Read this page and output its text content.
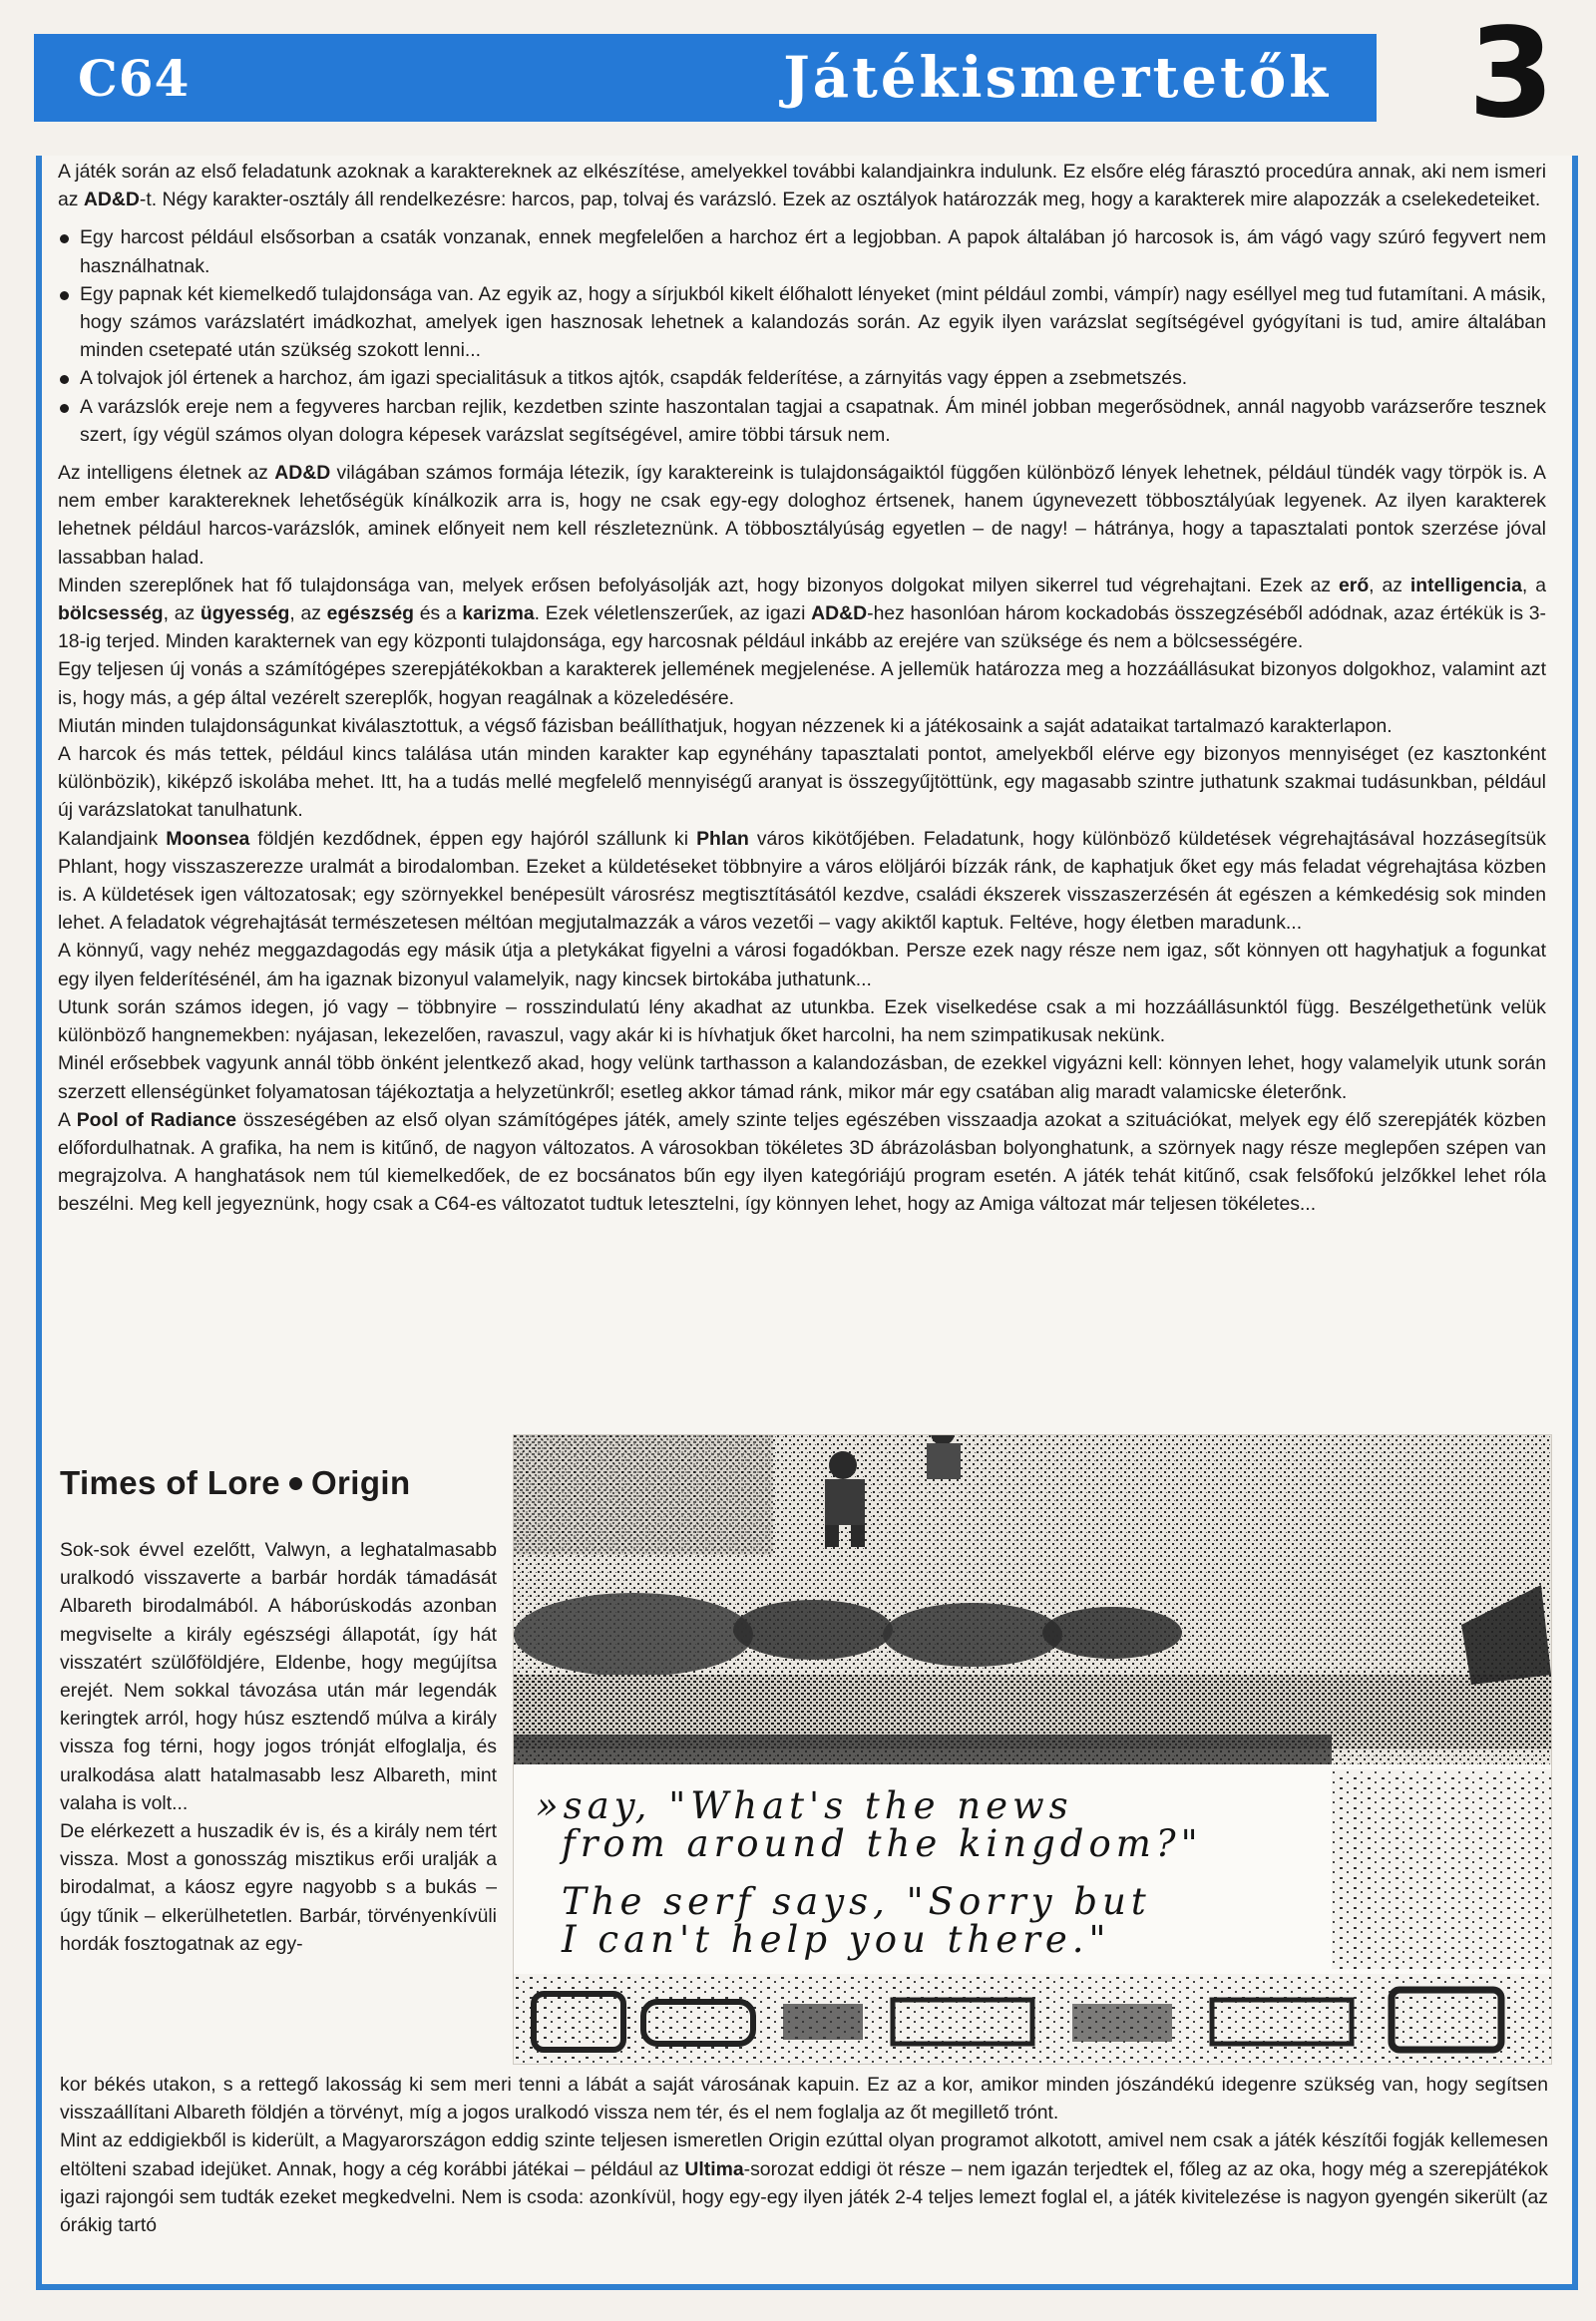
C64	Játékismertetők 3

A játék során az első feladatunk azoknak a karaktereknek az elkészítése, amelyekkel további kalandjainkra indulunk. Ez elsőre elég fárasztó procedúra annak, aki nem ismeri az AD&D-t. Négy karakter-osztály áll rendelkezésre: harcos, pap, tolvaj és varázsló. Ezek az osztályok határozzák meg, hogy a karakterek mire alapozzák a cselekedeteiket.

Egy harcost például elsősorban a csaták vonzanak, ennek megfelelően a harchoz ért a legjobban. A papok általában jó harcosok is, ám vágó vagy szúró fegyvert nem használhatnak.
Egy papnak két kiemelkedő tulajdonsága van. Az egyik az, hogy a sírjukból kikelt élőhalott lényeket (mint például zombi, vámpír) nagy eséllyel meg tud futamítani. A másik, hogy számos varázslatért imádkozhat, amelyek igen hasznosak lehetnek a kalandozás során. Az egyik ilyen varázslat segítségével gyógyítani is tud, amire általában minden csetepaté után szükség szokott lenni...
A tolvajok jól értenek a harchoz, ám igazi specialitásuk a titkos ajtók, csapdák felderítése, a zárnyitás vagy éppen a zsebmetszés.
A varázslók ereje nem a fegyveres harcban rejlik, kezdetben szinte haszontalan tagjai a csapatnak. Ám minél jobban megerősödnek, annál nagyobb varázserőre tesznek szert, így végül számos olyan dologra képesek varázslat segítségével, amire többi társuk nem.

Az intelligens életnek az AD&D világában számos formája létezik, így karaktereink is tulajdonságaiktól függően különböző lények lehetnek, például tündék vagy törpök is. A nem ember karaktereknek lehetőségük kínálkozik arra is, hogy ne csak egy-egy dologhoz értsenek, hanem úgynevezett többosztályúak legyenek. Az ilyen karakterek lehetnek például harcos-varázslók, aminek előnyeit nem kell részleteznünk. A többosztályúság egyetlen – de nagy! – hátránya, hogy a tapasztalati pontok szerzése jóval lassabban halad.

Minden szereplőnek hat fő tulajdonsága van, melyek erősen befolyásolják azt, hogy bizonyos dolgokat milyen sikerrel tud végrehajtani. Ezek az erő, az intelligencia, a bölcsesség, az ügyesség, az egészség és a karizma. Ezek véletlenszerűek, az igazi AD&D-hez hasonlóan három kockadobás összegzéséből adódnak, azaz értékük is 3-18-ig terjed. Minden karakternek van egy központi tulajdonsága, egy harcosnak például inkább az erejére van szüksége és nem a bölcsességére.

Egy teljesen új vonás a számítógépes szerepjátékokban a karakterek jellemének megjelenése. A jellemük határozza meg a hozzáállásukat bizonyos dolgokhoz, valamint azt is, hogy más, a gép által vezérelt szereplők, hogyan reagálnak a közeledésére.

Miután minden tulajdonságunkat kiválasztottuk, a végső fázisban beállíthatjuk, hogyan nézzenek ki a játékosaink a saját adataikat tartalmazó karakterlapon.

A harcok és más tettek, például kincs találása után minden karakter kap egynéhány tapasztalati pontot, amelyekből elérve egy bizonyos mennyiséget (ez kasztonként különbözik), kiképző iskolába mehet. Itt, ha a tudás mellé megfelelő mennyiségű aranyat is összegyűjtöttünk, egy magasabb szintre juthatunk szakmai tudásunkban, például új varázslatokat tanulhatunk.

Kalandjaink Moonsea földjén kezdődnek, éppen egy hajóról szállunk ki Phlan város kikötőjében. Feladatunk, hogy különböző küldetések végrehajtásával hozzásegítsük Phlant, hogy visszaszerezze uralmát a birodalomban. Ezeket a küldetéseket többnyire a város elöljárói bízzák ránk, de kaphatjuk őket egy más feladat végrehajtása közben is. A küldetések igen változatosak; egy szörnyekkel benépesült városrész megtisztításától kezdve, családi ékszerek visszaszerzésén át egészen a kémkedésig sok minden lehet. A feladatok végrehajtását természetesen méltóan megjutalmazzák a város vezetői – vagy akiktől kaptuk. Feltéve, hogy életben maradunk...

A könnyű, vagy nehéz meggazdagodás egy másik útja a pletykákat figyelni a városi fogadókban. Persze ezek nagy része nem igaz, sőt könnyen ott hagyhatjuk a fogunkat egy ilyen felderítésénél, ám ha igaznak bizonyul valamelyik, nagy kincsek birtokába juthatunk...

Utunk során számos idegen, jó vagy – többnyire – rosszindulatú lény akadhat az utunkba. Ezek viselkedése csak a mi hozzáállásunktól függ. Beszélgethetünk velük különböző hangnemekben: nyájasan, lekezelően, ravaszul, vagy akár ki is hívhatjuk őket harcolni, ha nem szimpatikusak nekünk.

Minél erősebbek vagyunk annál több önként jelentkező akad, hogy velünk tarthasson a kalandozásban, de ezekkel vigyázni kell: könnyen lehet, hogy valamelyik utunk során szerzett ellenségünket folyamatosan tájékoztatja a helyzetünkről; esetleg akkor támad ránk, mikor már egy csatában alig maradt valamicske életerőnk.

A Pool of Radiance összeségében az első olyan számítógépes játék, amely szinte teljes egészében visszaadja azokat a szituációkat, melyek egy élő szerepjáték közben előfordulhatnak. A grafika, ha nem is kitűnő, de nagyon változatos. A városokban tökéletes 3D ábrázolásban bolyonghatunk, a szörnyek nagy része meglepően szépen van megrajzolva. A hanghatások nem túl kiemelkedőek, de ez bocsánatos bűn egy ilyen kategóriájú program esetén. A játék tehát kitűnő, csak felsőfokú jelzőkkel lehet róla beszélni. Meg kell jegyeznünk, hogy csak a C64-es változatot tudtuk letesztelni, így könnyen lehet, hogy az Amiga változat már teljesen tökéletes...

Times of Lore Origin

Sok-sok évvel ezelőtt, Valwyn, a leghatalmasabb uralkodó visszaverte a barbár hordák támadását Albareth birodalmából. A háborúskodás azonban megviselte a király egészségi állapotát, így hát visszatért szülőföldjére, Eldenbe, hogy megújítsa erejét. Nem sokkal távozása után már legendák keringtek arról, hogy húsz esztendő múlva a király vissza fog térni, hogy jogos trónját elfoglalja, és uralkodása alatt hatalmasabb lesz Albareth, mint valaha is volt...

De elérkezett a huszadik év is, és a király nem tért vissza. Most a gonosszág misztikus erői uralják a birodalmat, a káosz egyre nagyobb s a bukás – úgy tűnik – elkerülhetetlen. Barbár, törvényenkívüli hordák fosztogatnak az egy-

»say, "What's the news
from around the kingdom?"
The serf says, "Sorry but
I can't help you there."

kor békés utakon, s a rettegő lakosság ki sem meri tenni a lábát a saját városának kapuin. Ez az a kor, amikor minden jószándékú idegenre szükség van, hogy segítsen visszaállítani Albareth földjén a törvényt, míg a jogos uralkodó vissza nem tér, és el nem foglalja az őt megillető trónt.

Mint az eddigiekből is kiderült, a Magyarországon eddig szinte teljesen ismeretlen Origin ezúttal olyan programot alkotott, amivel nem csak a játék készítői fogják kellemesen eltölteni szabad idejüket. Annak, hogy a cég korábbi játékai – például az Ultima-sorozat eddigi öt része – nem igazán terjedtek el, főleg az az oka, hogy még a szerepjátékok igazi rajongói sem tudták ezeket megkedvelni. Nem is csoda: azonkívül, hogy egy-egy ilyen játék 2-4 teljes lemezt foglal el, a játék kivitelezése is nagyon gyengén sikerült (az órákig tartó
